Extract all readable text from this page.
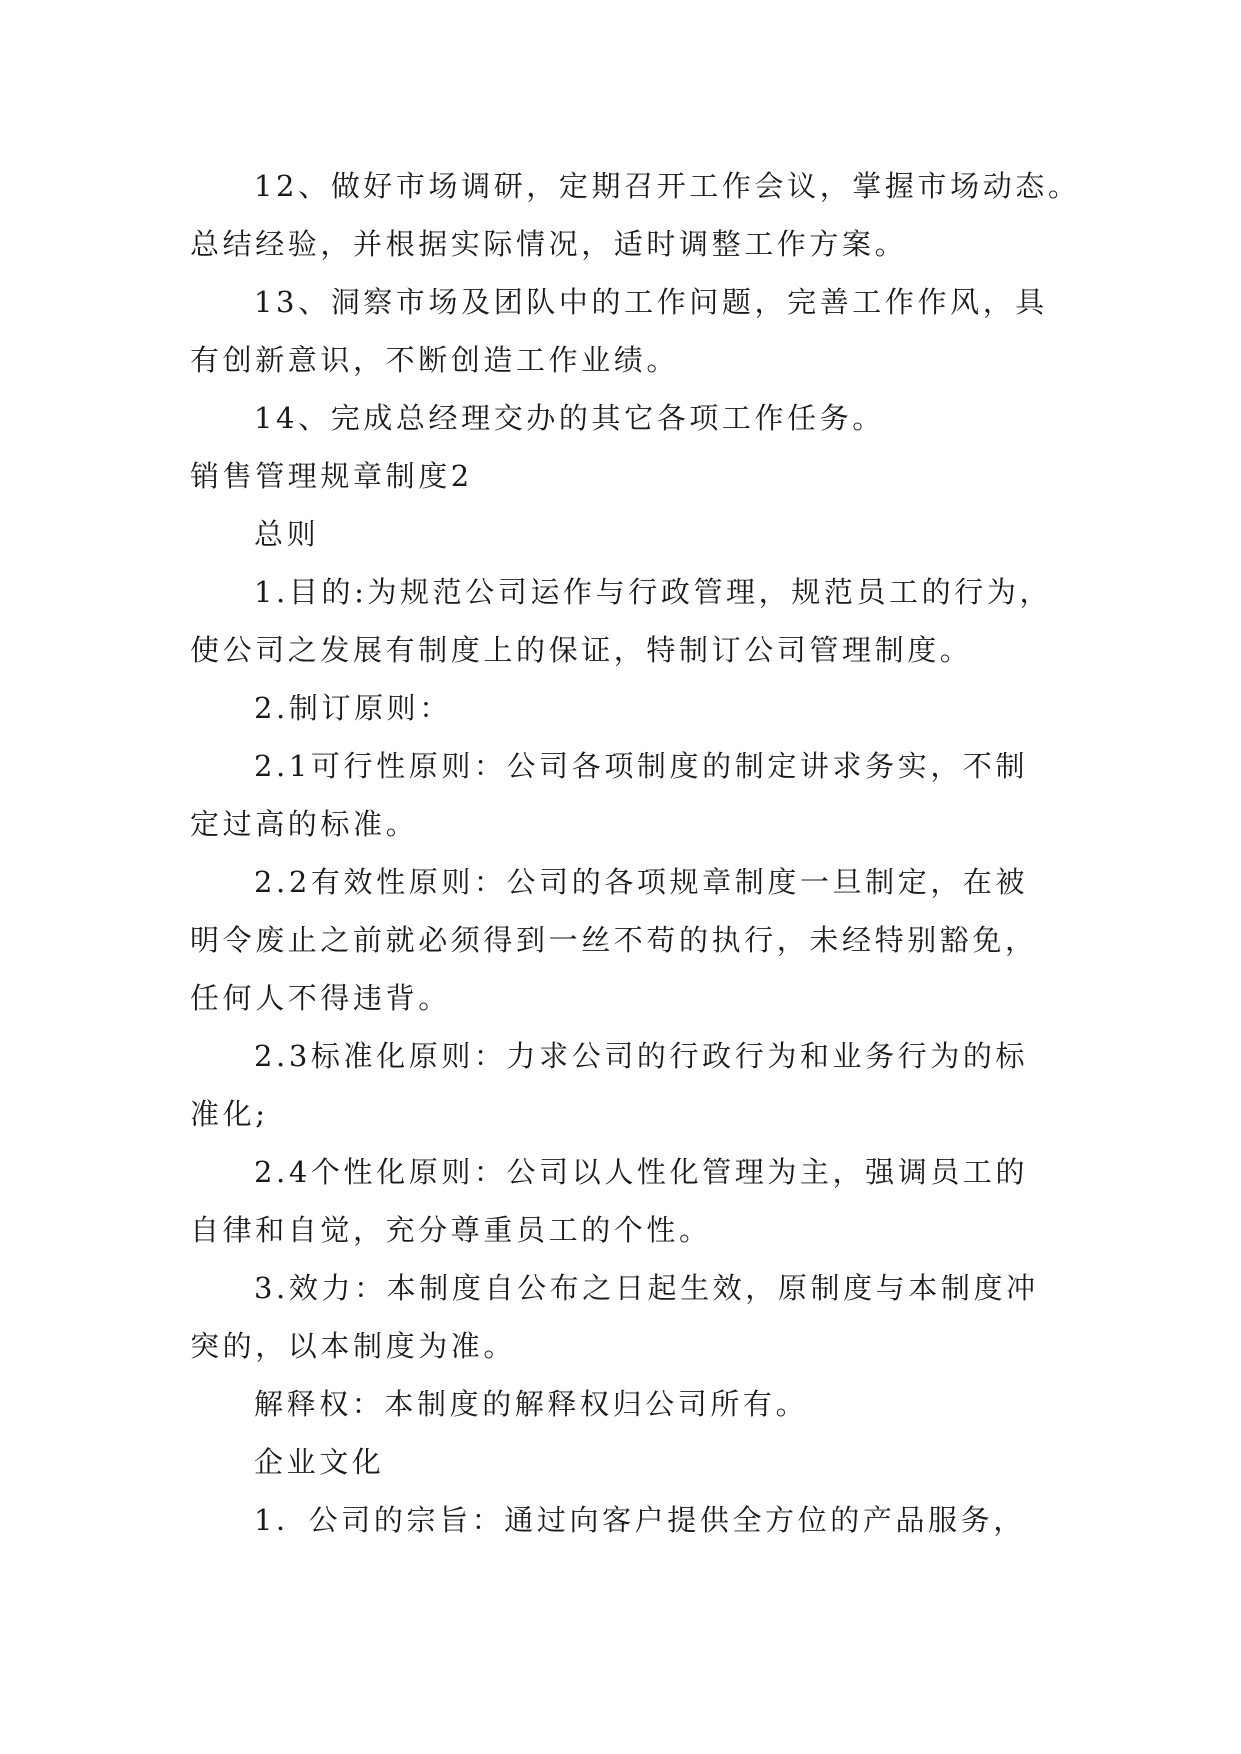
12、做好市场调研，定期召开工作会议，掌握市场动态。
总结经验，并根据实际情况，适时调整工作方案。
13、洞察市场及团队中的工作问题，完善工作作风，具
有创新意识，不断创造工作业绩。
14、完成总经理交办的其它各项工作任务。
销售管理规章制度2
总则
1.目的:为规范公司运作与行政管理，规范员工的行为，
使公司之发展有制度上的保证，特制订公司管理制度。
2.制订原则：
2.1可行性原则：公司各项制度的制定讲求务实，不制
定过高的标准。
2.2有效性原则：公司的各项规章制度一旦制定，在被
明令废止之前就必须得到一丝不苟的执行，未经特别豁免，
任何人不得违背。
2.3标准化原则：力求公司的行政行为和业务行为的标
准化;
2.4个性化原则：公司以人性化管理为主，强调员工的
自律和自觉，充分尊重员工的个性。
3.效力：本制度自公布之日起生效，原制度与本制度冲
突的，以本制度为准。
解释权：本制度的解释权归公司所有。
企业文化
1．公司的宗旨：通过向客户提供全方位的产品服务，
